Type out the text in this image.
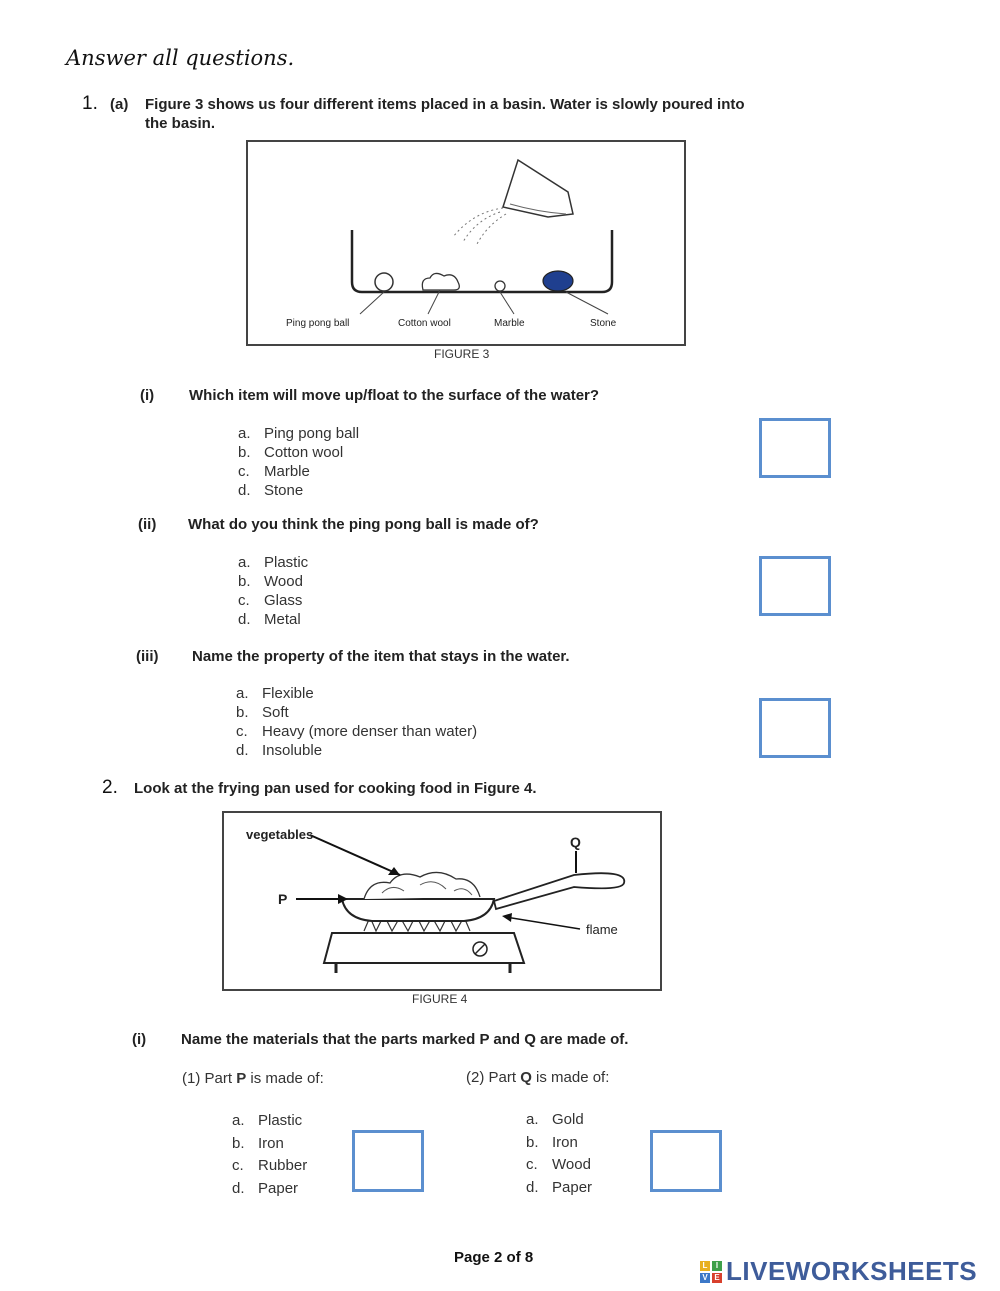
Answer all questions.
1. (a) Figure 3 shows us four different items placed in a basin. Water is slowly poured into
the basin.
Ping pong ball	Cotton wool	Marble	Stone
FIGURE 3
(i) Which item will move up/float to the surface of the water?
a. Ping pong ball
b. Cotton wool
c. Marble
d. Stone
(ii) What do you think the ping pong ball is made of?
a. Plastic
b. Wood
c. Glass
d. Metal
(iii) Name the property of the item that stays in the water.
a. Flexible
b. Soft
c. Heavy (more denser than water)
d. Insoluble
2. Look at the frying pan used for cooking food in Figure 4.
vegetables
P
Q
flame
FIGURE 4
(i) Name the materials that the parts marked P and Q are made of.
(1) Part P is made of:	(2) Part Q is made of:
a. Plastic
b. Iron
c. Rubber
d. Paper
a. Gold
b. Iron
c. Wood
d. Paper
Page 2 of 8	L	I
V E LIVEWORKSHEETS
